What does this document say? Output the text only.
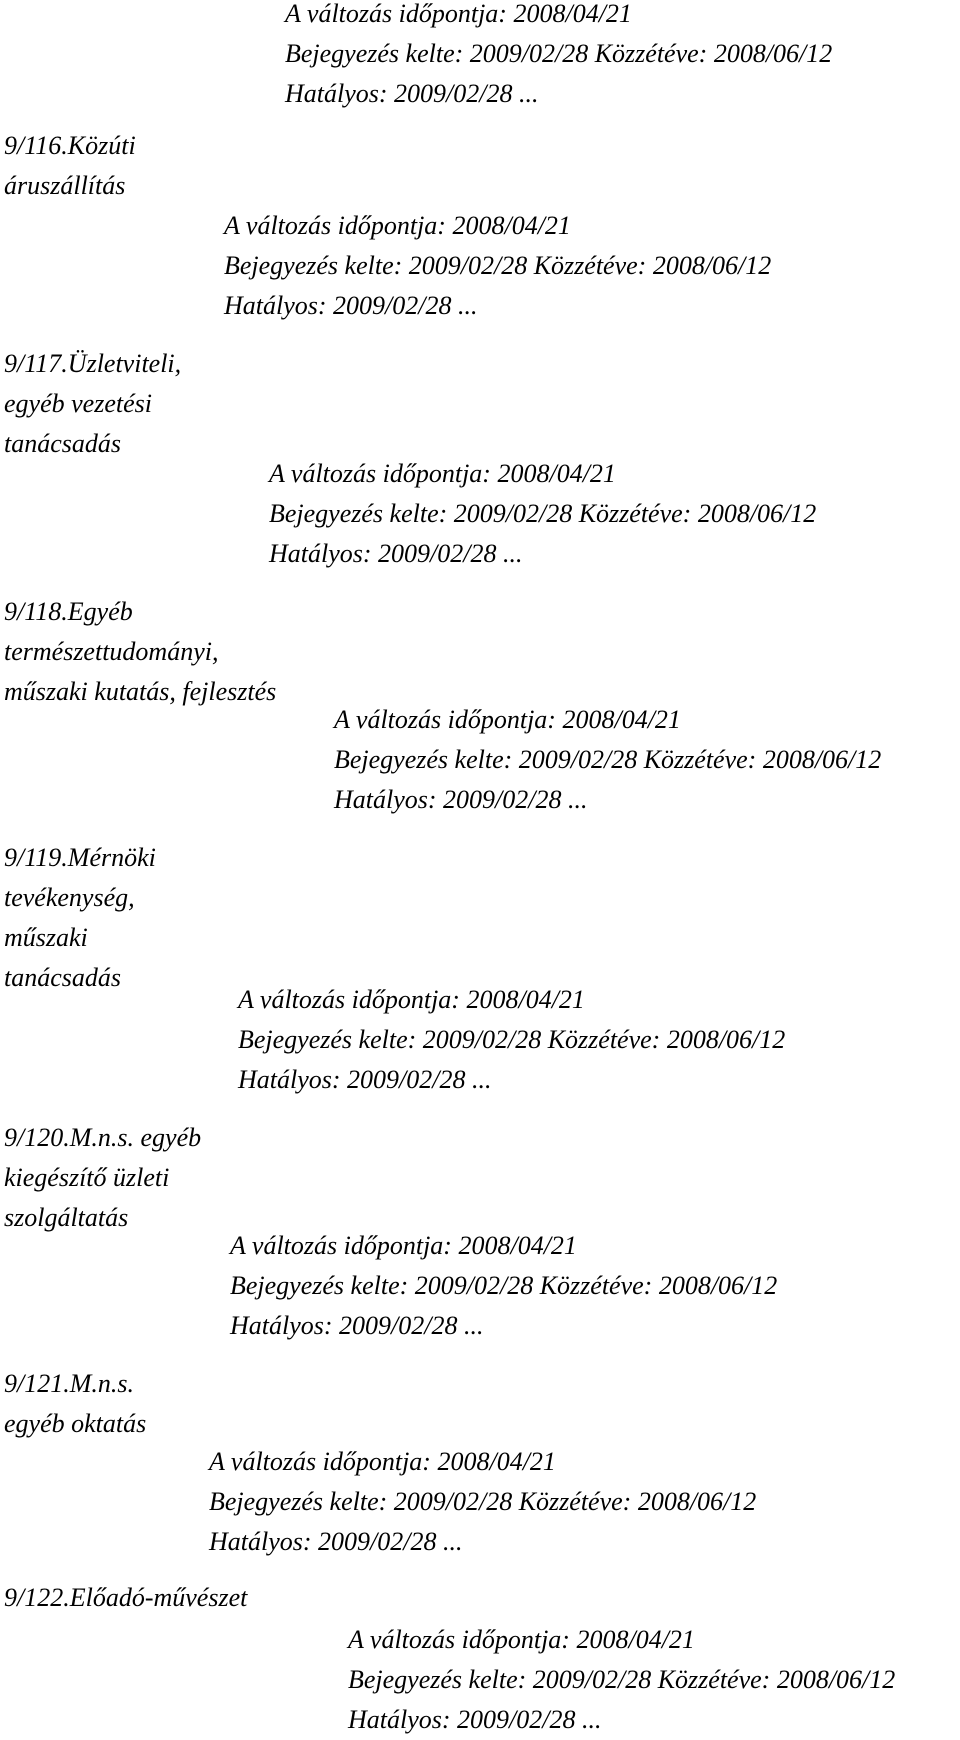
A változás időpontja: 2008/04/21
Bejegyezés kelte: 2009/02/28 Közzétéve: 2008/06/12
Hatályos: 2009/02/28 ...
9/116.Közúti
áruszállítás
A változás időpontja: 2008/04/21
Bejegyezés kelte: 2009/02/28 Közzétéve: 2008/06/12
Hatályos: 2009/02/28 ...
9/117.Üzletviteli,
egyéb vezetési
tanácsadás
A változás időpontja: 2008/04/21
Bejegyezés kelte: 2009/02/28 Közzétéve: 2008/06/12
Hatályos: 2009/02/28 ...
9/118.Egyéb
természettudományi,
műszaki kutatás, fejlesztés
A változás időpontja: 2008/04/21
Bejegyezés kelte: 2009/02/28 Közzétéve: 2008/06/12
Hatályos: 2009/02/28 ...
9/119.Mérnöki
tevékenység,
műszaki
tanácsadás
A változás időpontja: 2008/04/21
Bejegyezés kelte: 2009/02/28 Közzétéve: 2008/06/12
Hatályos: 2009/02/28 ...
9/120.M.n.s. egyéb
kiegészítő üzleti
szolgáltatás
A változás időpontja: 2008/04/21
Bejegyezés kelte: 2009/02/28 Közzétéve: 2008/06/12
Hatályos: 2009/02/28 ...
9/121.M.n.s.
egyéb oktatás
A változás időpontja: 2008/04/21
Bejegyezés kelte: 2009/02/28 Közzétéve: 2008/06/12
Hatályos: 2009/02/28 ...
9/122.Előadó-művészet
A változás időpontja: 2008/04/21
Bejegyezés kelte: 2009/02/28 Közzétéve: 2008/06/12
Hatályos: 2009/02/28 ...
